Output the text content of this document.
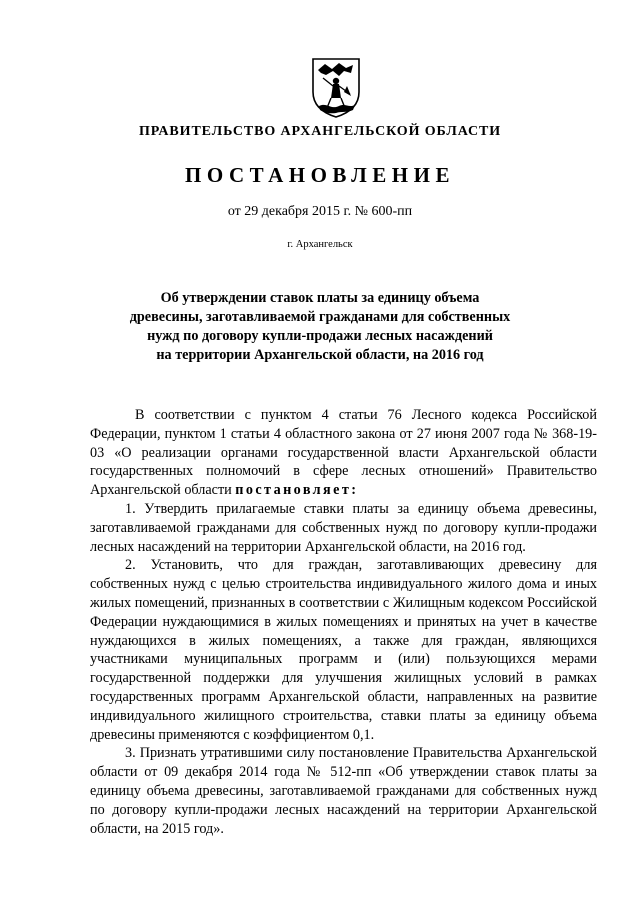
ПРАВИТЕЛЬСТВО АРХАНГЕЛЬСКОЙ ОБЛАСТИ
ПОСТАНОВЛЕНИЕ
от 29 декабря 2015 г. № 600-пп
г. Архангельск
Об утверждении ставок платы за единицу объема
древесины, заготавливаемой гражданами для собственных
нужд по договору купли-продажи лесных насаждений
на территории Архангельской области, на 2016 год

В соответствии с пунктом 4 статьи 76 Лесного кодекса Российской Федерации, пунктом 1 статьи 4 областного закона от 27 июня 2007 года № 368-19-03 «О реализации органами государственной власти Архангельской области государственных полномочий в сфере лесных отношений» Правительство Архангельской области постановляет:

1. Утвердить прилагаемые ставки платы за единицу объема древесины, заготавливаемой гражданами для собственных нужд по договору купли-продажи лесных насаждений на территории Архангельской области, на 2016 год.

2. Установить, что для граждан, заготавливающих древесину для собственных нужд с целью строительства индивидуального жилого дома и иных жилых помещений, признанных в соответствии с Жилищным кодексом Российской Федерации нуждающимися в жилых помещениях и принятых на учет в качестве нуждающихся в жилых помещениях, а также для граждан, являющихся участниками муниципальных программ и (или) пользующихся мерами государственной поддержки для улучшения жилищных условий в рамках государственных программ Архангельской области, направленных на развитие индивидуального жилищного строительства, ставки платы за единицу объема древесины применяются с коэффициентом 0,1.

3. Признать утратившими силу постановление Правительства Архангельской области от 09 декабря 2014 года № 512-пп «Об утверждении ставок платы за единицу объема древесины, заготавливаемой гражданами для собственных нужд по договору купли-продажи лесных насаждений на территории Архангельской области, на 2015 год».
